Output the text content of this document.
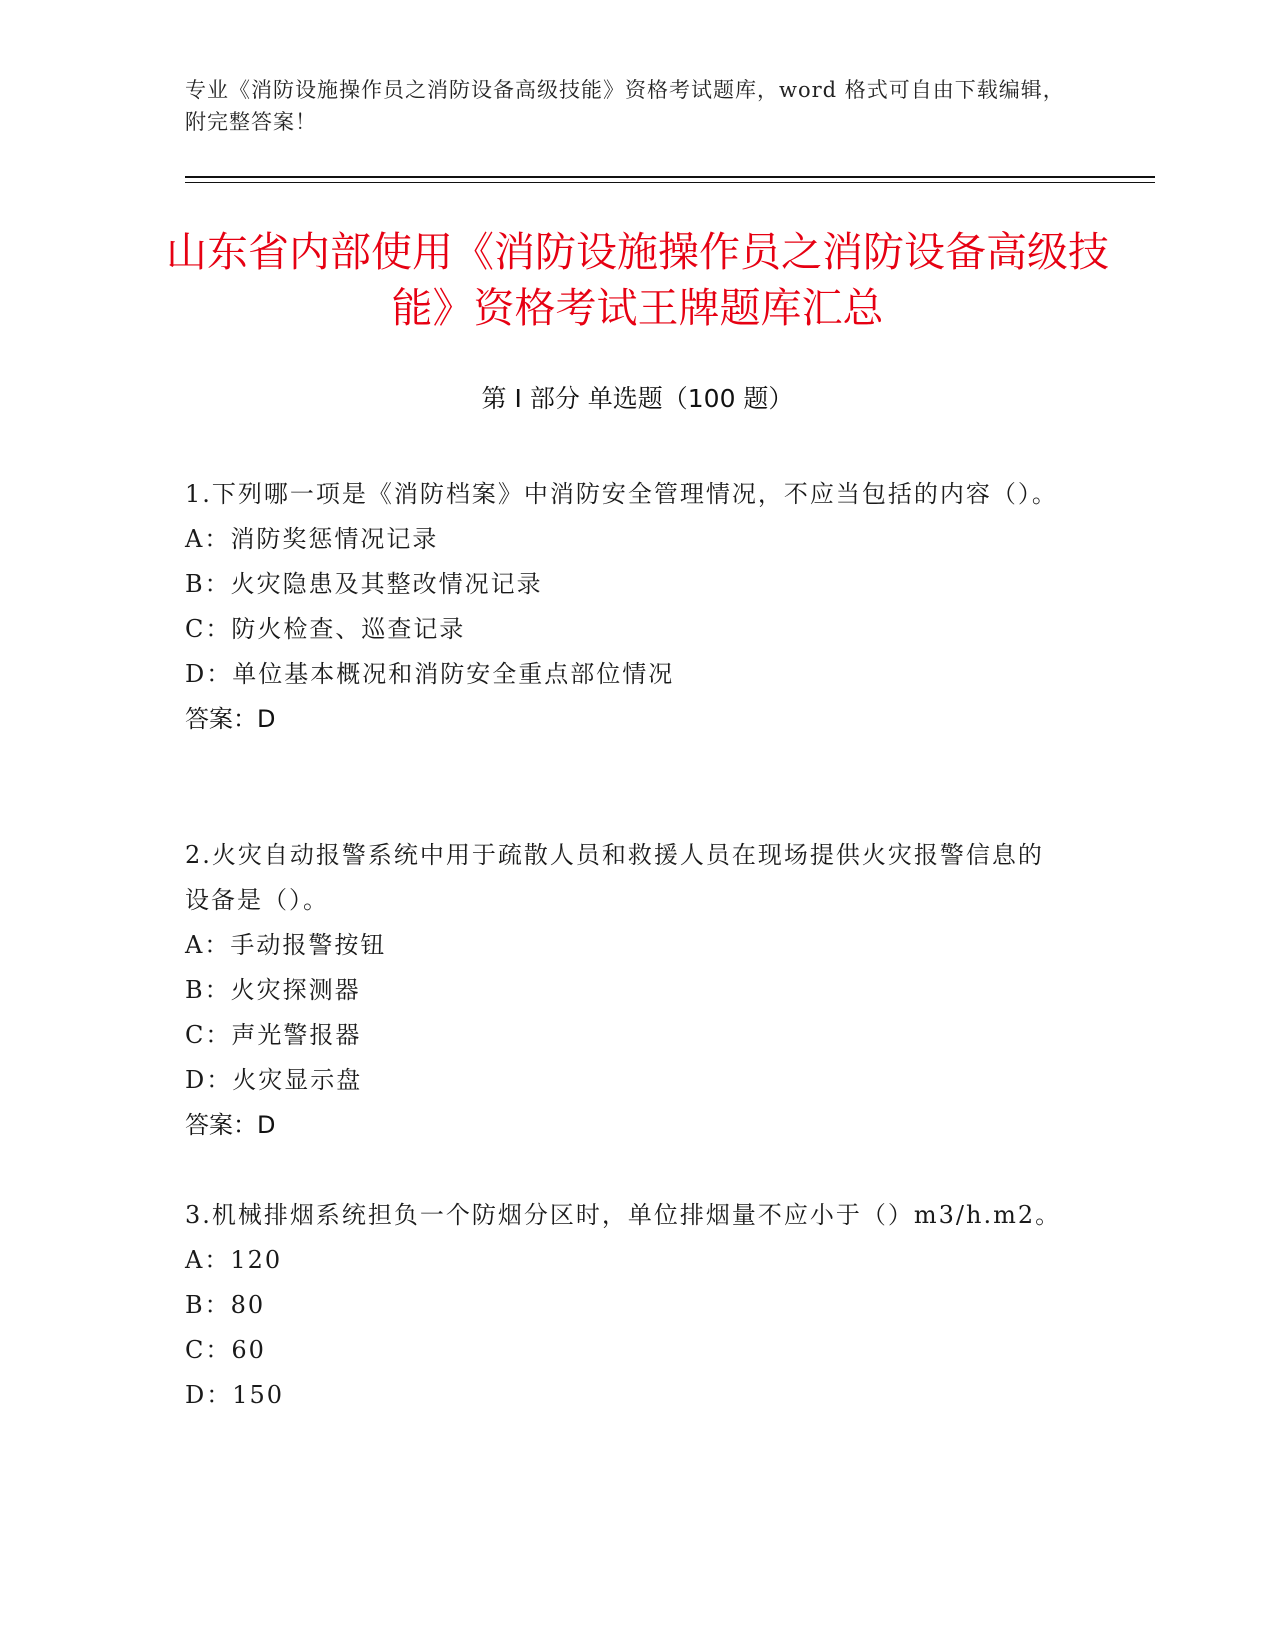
专业《消防设施操作员之消防设备高级技能》资格考试题库，word 格式可自由下载编辑，附完整答案！
山东省内部使用《消防设施操作员之消防设备高级技能》资格考试王牌题库汇总
第 I 部分 单选题（100 题）
1.下列哪一项是《消防档案》中消防安全管理情况，不应当包括的内容（）。
A：消防奖惩情况记录
B：火灾隐患及其整改情况记录
C：防火检查、巡查记录
D：单位基本概况和消防安全重点部位情况
答案：D
2.火灾自动报警系统中用于疏散人员和救援人员在现场提供火灾报警信息的设备是（）。
A：手动报警按钮
B：火灾探测器
C：声光警报器
D：火灾显示盘
答案：D
3.机械排烟系统担负一个防烟分区时，单位排烟量不应小于（）m3/h.m2。
A：120
B：80
C：60
D：150
